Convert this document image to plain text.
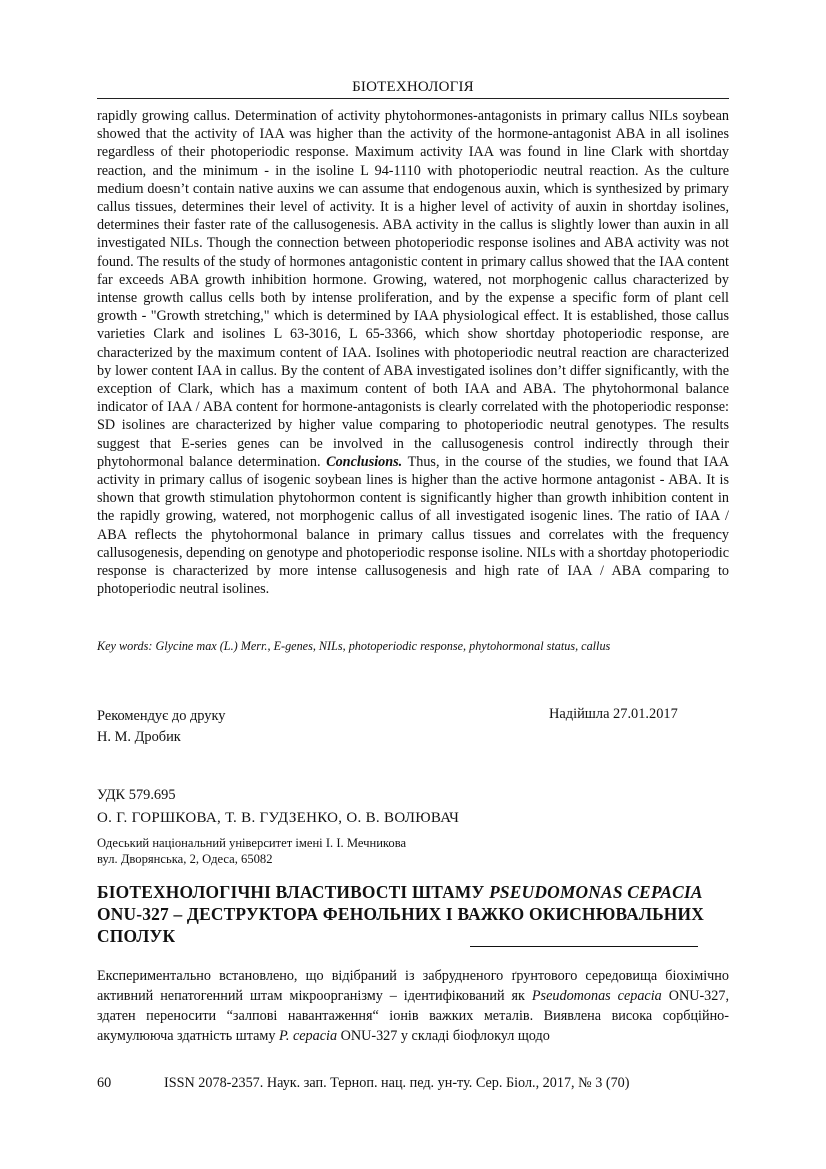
БІОТЕХНОЛОГІЯ

rapidly growing callus. Determination of activity phytohormones-antagonists in primary callus NILs soybean showed that the activity of IAA was higher than the activity of the hormone-antagonist ABA in all isolines regardless of their photoperiodic response. Maximum activity IAA was found in line Clark with shortday reaction, and the minimum - in the isoline L 94-1110 with photoperiodic neutral reaction. As the culture medium doesn’t contain native auxins we can assume that endogenous auxin, which is synthesized by primary callus tissues, determines their level of activity. It is a higher level of activity of auxin in shortday isolines, determines their faster rate of the callusogenesis. ABA activity in the callus is slightly lower than auxin in all investigated NILs. Though the connection between photoperiodic response isolines and ABA activity was not found. The results of the study of hormones antagonistic content in primary callus showed that the IAA content far exceeds ABA growth inhibition hormone. Growing, watered, not morphogenic callus characterized by intense growth callus cells both by intense proliferation, and by the expense a specific form of plant cell growth - "Growth stretching," which is determined by IAA physiological effect. It is established, those callus varieties Clark and isolines L 63-3016, L 65-3366, which show shortday photoperiodic response, are characterized by the maximum content of IAA. Isolines with photoperiodic neutral reaction are characterized by lower content IAA in callus. By the content of ABA investigated isolines don’t differ significantly, with the exception of Clark, which has a maximum content of both IAA and ABA. The phytohormonal balance indicator of IAA / ABA content for hormone-antagonists is clearly correlated with the photoperiodic response: SD isolines are characterized by higher value comparing to photoperiodic neutral genotypes. The results suggest that E-series genes can be involved in the callusogenesis control indirectly through their phytohormonal balance determination. Conclusions. Thus, in the course of the studies, we found that IAA activity in primary callus of isogenic soybean lines is higher than the active hormone antagonist - ABA. It is shown that growth stimulation phytohormon content is significantly higher than growth inhibition content in the rapidly growing, watered, not morphogenic callus of all investigated isogenic lines. The ratio of IAA / ABA reflects the phytohormonal balance in primary callus tissues and correlates with the frequency callusogenesis, depending on genotype and photoperiodic response isoline. NILs with a shortday photoperiodic response is characterized by more intense callusogenesis and high rate of IAA / ABA comparing to photoperiodic neutral isolines.

Key words: Glycine max (L.) Merr., E-genes, NILs, photoperiodic response, phytohormonal status, callus
Рекомендує до друку
Н. М. Дробик
Надійшла 27.01.2017
УДК 579.695
О. Г. ГОРШКОВА, Т. В. ГУДЗЕНКО, О. В. ВОЛЮВАЧ
Одеський національний університет імені І. І. Мечникова
вул. Дворянська, 2, Одеса, 65082
БІОТЕХНОЛОГІЧНІ ВЛАСТИВОСТІ ШТАМУ PSEUDOMONAS CEPACIA ONU-327 – ДЕСТРУКТОРА ФЕНОЛЬНИХ І ВАЖКО ОКИСНЮВАЛЬНИХ СПОЛУК

Експериментально встановлено, що відібраний із забрудненого ґрунтового середовища біохімічно активний непатогенний штам мікроорганізму – ідентифікований як Pseudomonas cepacia ONU-327, здатен переносити “залпові навантаження“ іонів важких металів. Виявлена висока сорбційно-акумулююча здатність штаму P. cepacia ONU-327 у складі біофлокул щодо

60	ISSN 2078-2357. Наук. зап. Терноп. нац. пед. ун-ту. Сер. Біол., 2017, № 3 (70)
